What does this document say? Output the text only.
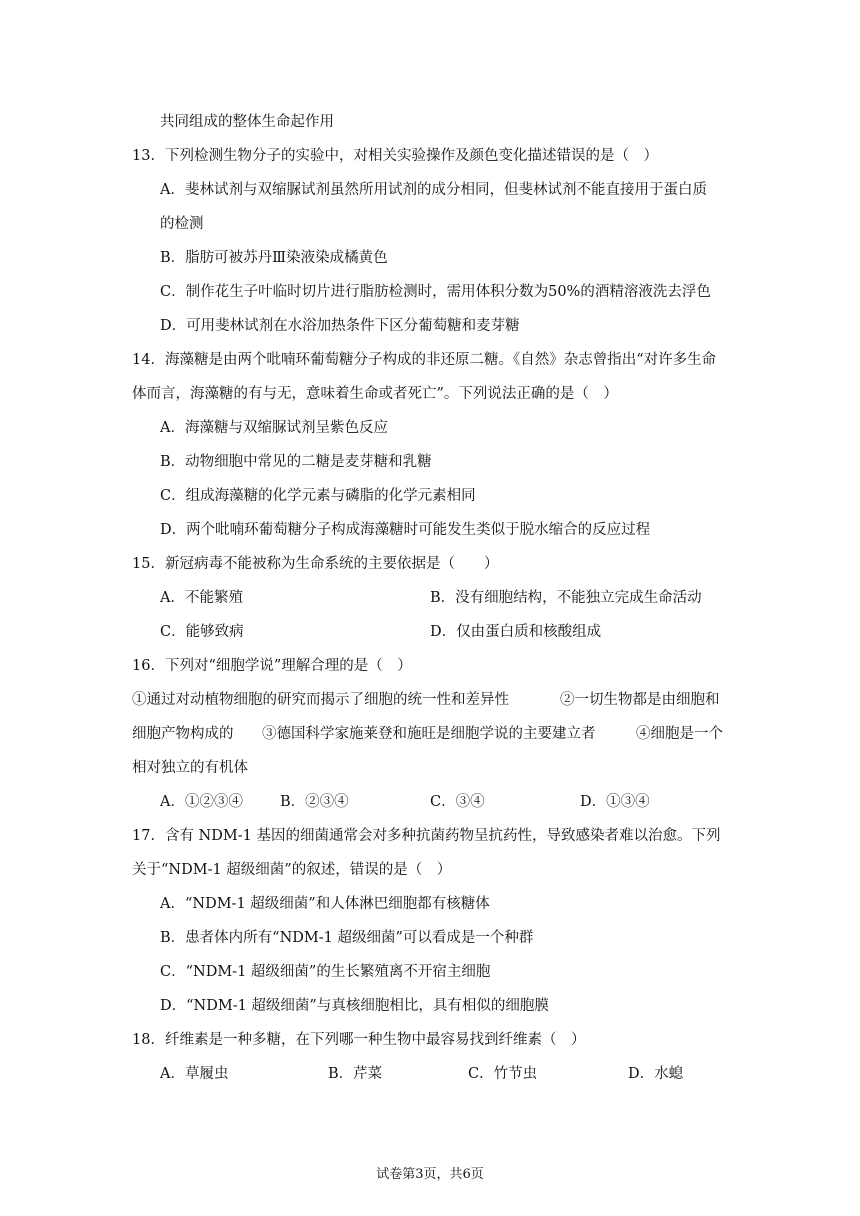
共同组成的整体生命起作用
13．下列检测生物分子的实验中，对相关实验操作及颜色变化描述错误的是（　）
A．斐林试剂与双缩脲试剂虽然所用试剂的成分相同，但斐林试剂不能直接用于蛋白质
的检测
B．脂肪可被苏丹Ⅲ染液染成橘黄色
C．制作花生子叶临时切片进行脂肪检测时，需用体积分数为50%的酒精溶液洗去浮色
D．可用斐林试剂在水浴加热条件下区分葡萄糖和麦芽糖
14．海藻糖是由两个吡喃环葡萄糖分子构成的非还原二糖。《自然》杂志曾指出“对许多生命
体而言，海藻糖的有与无，意味着生命或者死亡”。下列说法正确的是（　）
A．海藻糖与双缩脲试剂呈紫色反应
B．动物细胞中常见的二糖是麦芽糖和乳糖
C．组成海藻糖的化学元素与磷脂的化学元素相同
D．两个吡喃环葡萄糖分子构成海藻糖时可能发生类似于脱水缩合的反应过程
15．新冠病毒不能被称为生命系统的主要依据是（　　）
A．不能繁殖	B．没有细胞结构，不能独立完成生命活动
C．能够致病	D．仅由蛋白质和核酸组成
16．下列对“细胞学说”理解合理的是（　）
①通过对动植物细胞的研究而揭示了细胞的统一性和差异性	②一切生物都是由细胞和
细胞产物构成的 ③德国科学家施莱登和施旺是细胞学说的主要建立者	④细胞是一个
相对独立的有机体
A．①②③④	B．②③④	C．③④	D．①③④
17．含有 NDM-1 基因的细菌通常会对多种抗菌药物呈抗药性，导致感染者难以治愈。下列
关于“NDM-1 超级细菌”的叙述，错误的是（　）
A．“NDM-1 超级细菌”和人体淋巴细胞都有核糖体
B．患者体内所有“NDM-1 超级细菌”可以看成是一个种群
C．“NDM-1 超级细菌”的生长繁殖离不开宿主细胞
D．“NDM-1 超级细菌”与真核细胞相比，具有相似的细胞膜
18．纤维素是一种多糖，在下列哪一种生物中最容易找到纤维素（　）
A．草履虫	B．芹菜	C．竹节虫	D．水螅
试卷第3页，共6页
